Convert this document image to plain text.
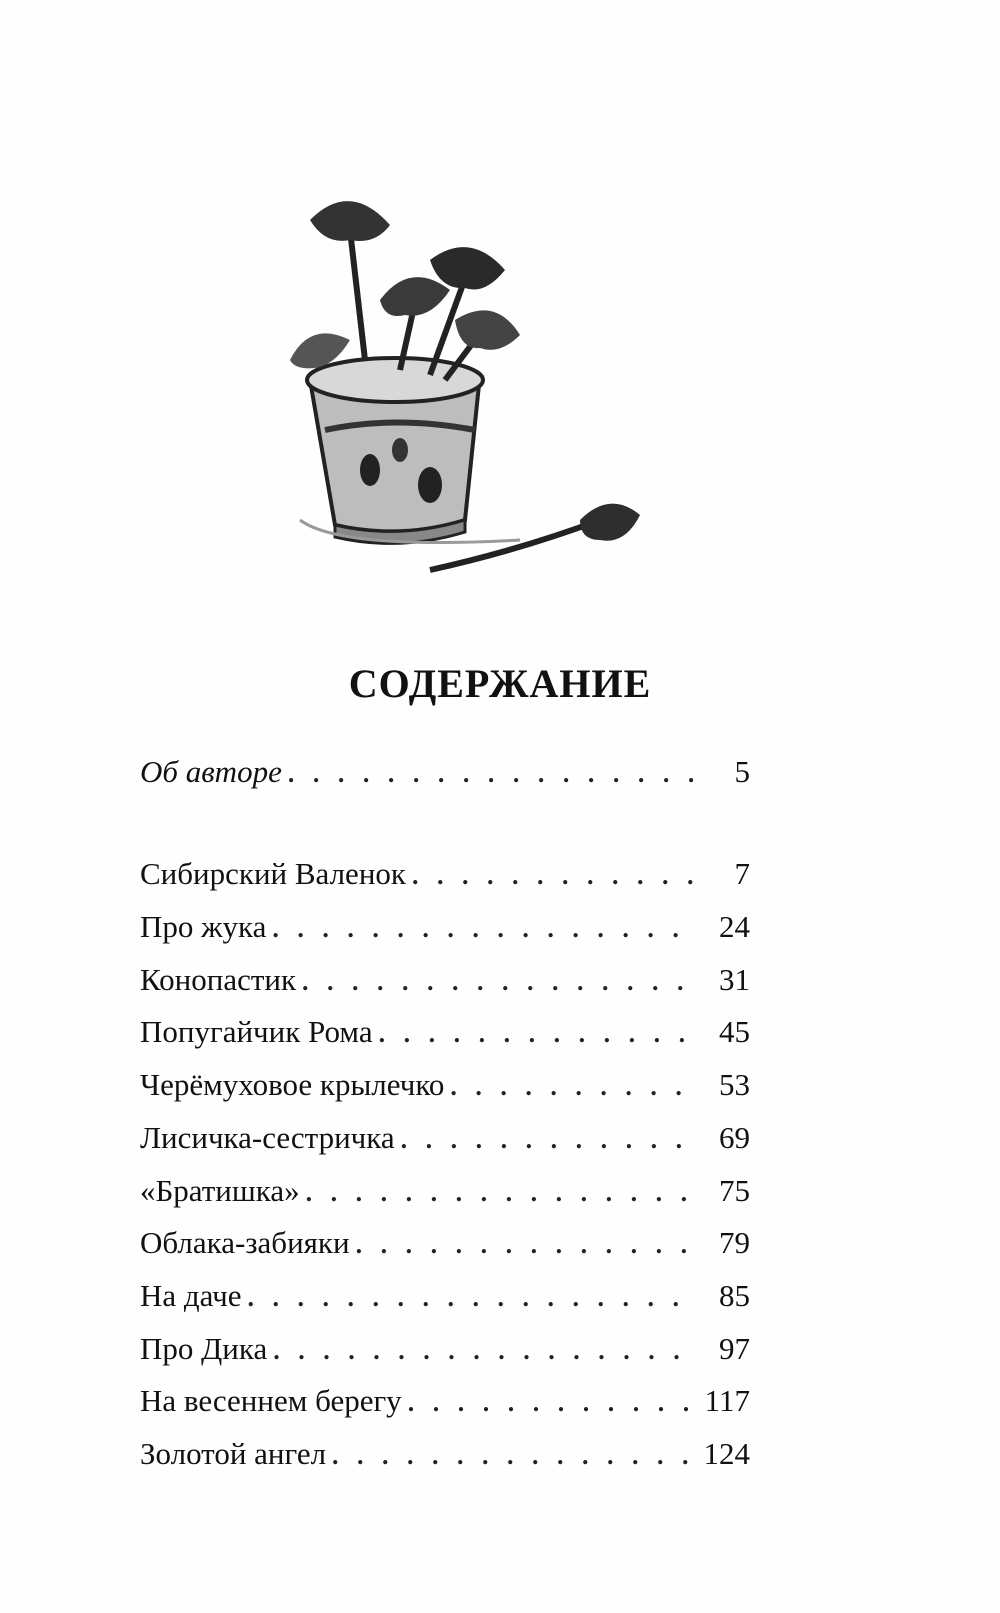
СОДЕРЖАНИЕ
Об авторе . . .	5
Сибирский Валенок . . .	7
Про жука . . .	24
Конопастик . . .	31
Попугайчик Рома . . .	45
Черёмуховое крылечко . . .	53
Лисичка-сестричка . . .	69
«Братишка» . . .	75
Облака-забияки . . .	79
На даче . . .	85
Про Дика . . .	97
На весеннем берегу . . .	117
Золотой ангел . . .	124
